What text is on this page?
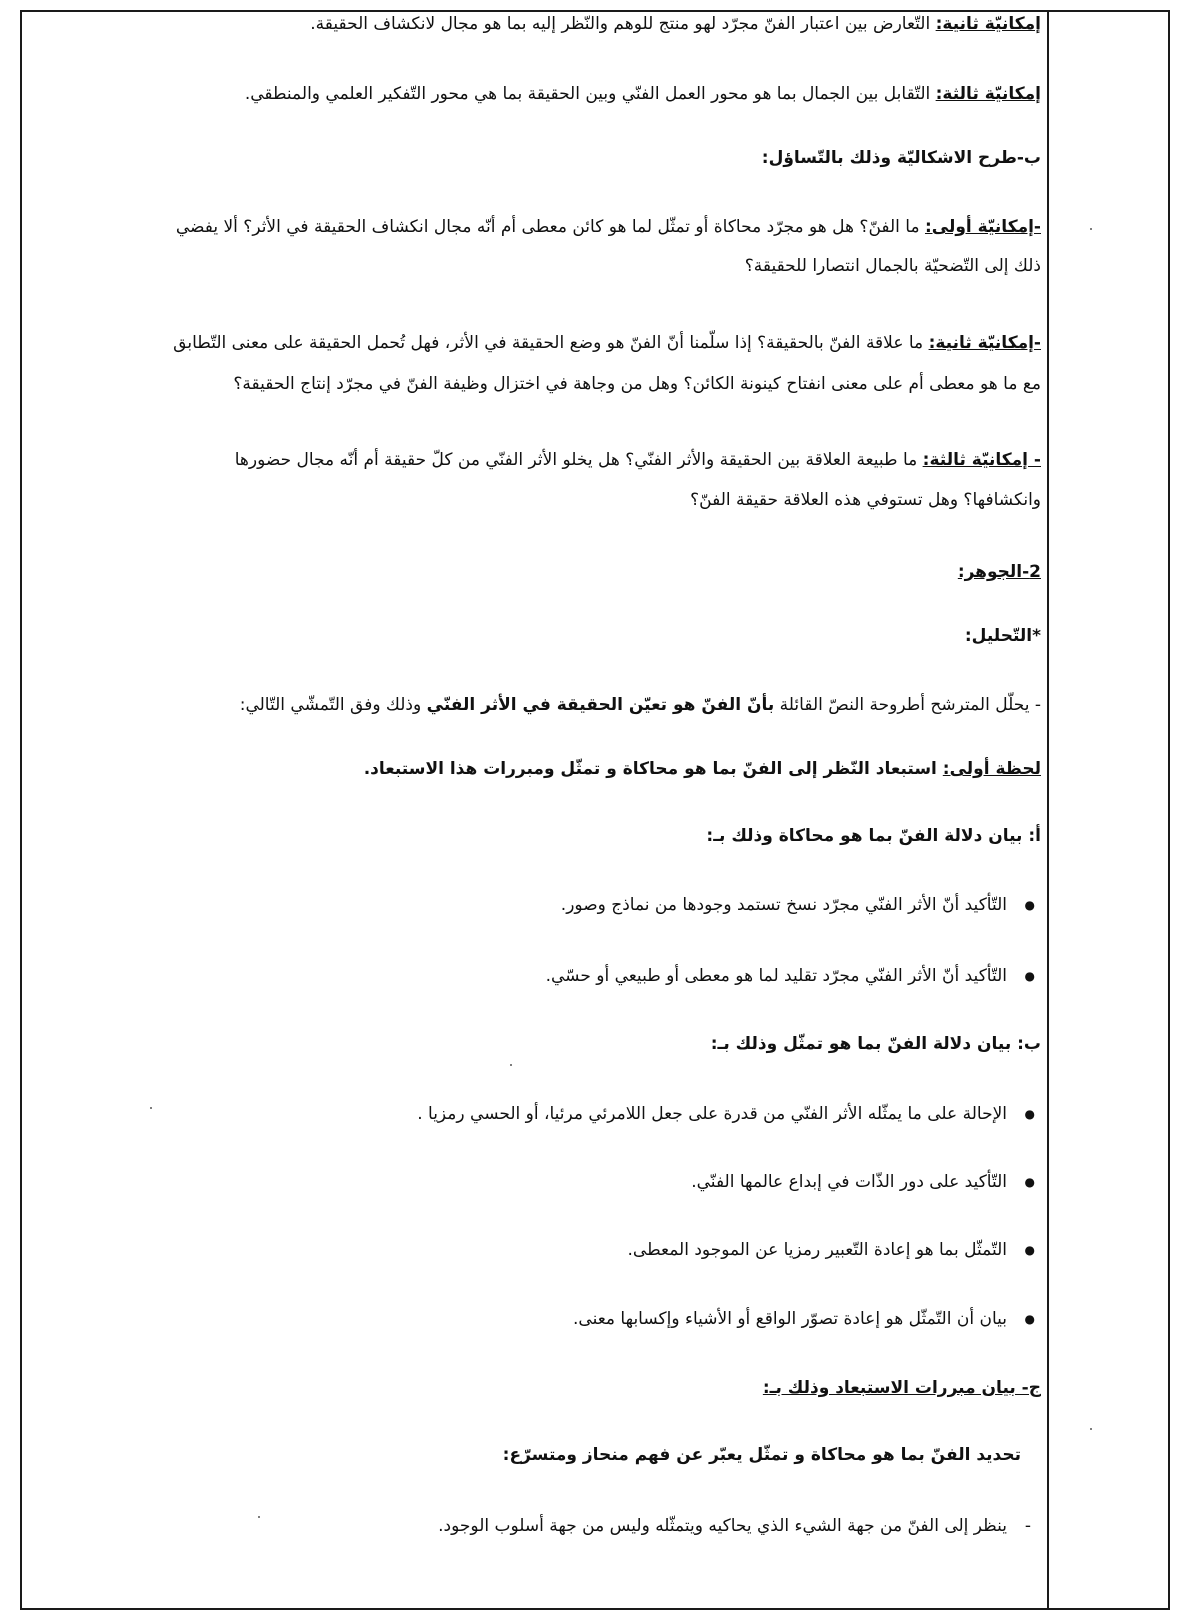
إمكانيّة ثانية: التّعارض بين اعتبار الفنّ مجرّد لهو منتج للوهم والنّظر إليه بما هو مجال لانكشاف الحقيقة.

إمكانيّة ثالثة: التّقابل بين الجمال بما هو محور العمل الفنّي وبين الحقيقة بما هي محور التّفكير العلمي والمنطقي.

ب-طرح الاشكاليّة وذلك بالتّساؤل:

-إمكانيّة أولى: ما الفنّ؟ هل هو مجرّد محاكاة أو تمثّل لما هو كائن معطى أم أنّه مجال انكشاف الحقيقة في الأثر؟ ألا يفضي

ذلك إلى التّضحيّة بالجمال انتصارا للحقيقة؟

-إمكانيّة ثانية: ما علاقة الفنّ بالحقيقة؟ إذا سلّمنا أنّ الفنّ هو وضع الحقيقة في الأثر، فهل تُحمل الحقيقة على معنى التّطابق

مع ما هو معطى أم على معنى انفتاح كينونة الكائن؟ وهل من وجاهة في اختزال وظيفة الفنّ في مجرّد إنتاج الحقيقة؟

- إمكانيّة ثالثة: ما طبيعة العلاقة بين الحقيقة والأثر الفنّي؟ هل يخلو الأثر الفنّي من كلّ حقيقة أم أنّه مجال حضورها

وانكشافها؟ وهل تستوفي هذه العلاقة حقيقة الفنّ؟

2-الجوهر:

*التّحليل:

- يحلّل المترشح أطروحة النصّ القائلة بأنّ الفنّ هو تعيّن الحقيقة في الأثر الفنّي وذلك وفق التّمشّي التّالي:

لحظة أولى: استبعاد النّظر إلى الفنّ بما هو محاكاة و تمثّل ومبررات هذا الاستبعاد.

أ: بيان دلالة الفنّ بما هو محاكاة وذلك بـ:

● التّأكيد أنّ الأثر الفنّي مجرّد نسخ تستمد وجودها من نماذج وصور.

● التّأكيد أنّ الأثر الفنّي مجرّد تقليد لما هو معطى أو طبيعي أو حسّي.

ب: بيان دلالة الفنّ بما هو تمثّل وذلك بـ:

● الإحالة على ما يمثّله الأثر الفنّي من قدرة على جعل اللامرئي مرئيا، أو الحسي رمزيا .

● التّأكيد على دور الذّات في إبداع عالمها الفنّي.

● التّمثّل بما هو إعادة التّعبير رمزيا عن الموجود المعطى.

● بيان أن التّمثّل هو إعادة تصوّر الواقع أو الأشياء وإكسابها معنى.

ج- بيان مبررات الاستبعاد وذلك بـ:

تحديد الفنّ بما هو محاكاة و تمثّل يعبّر عن فهم منحاز ومتسرّع:

- ينظر إلى الفنّ من جهة الشيء الذي يحاكيه ويتمثّله وليس من جهة أسلوب الوجود.
